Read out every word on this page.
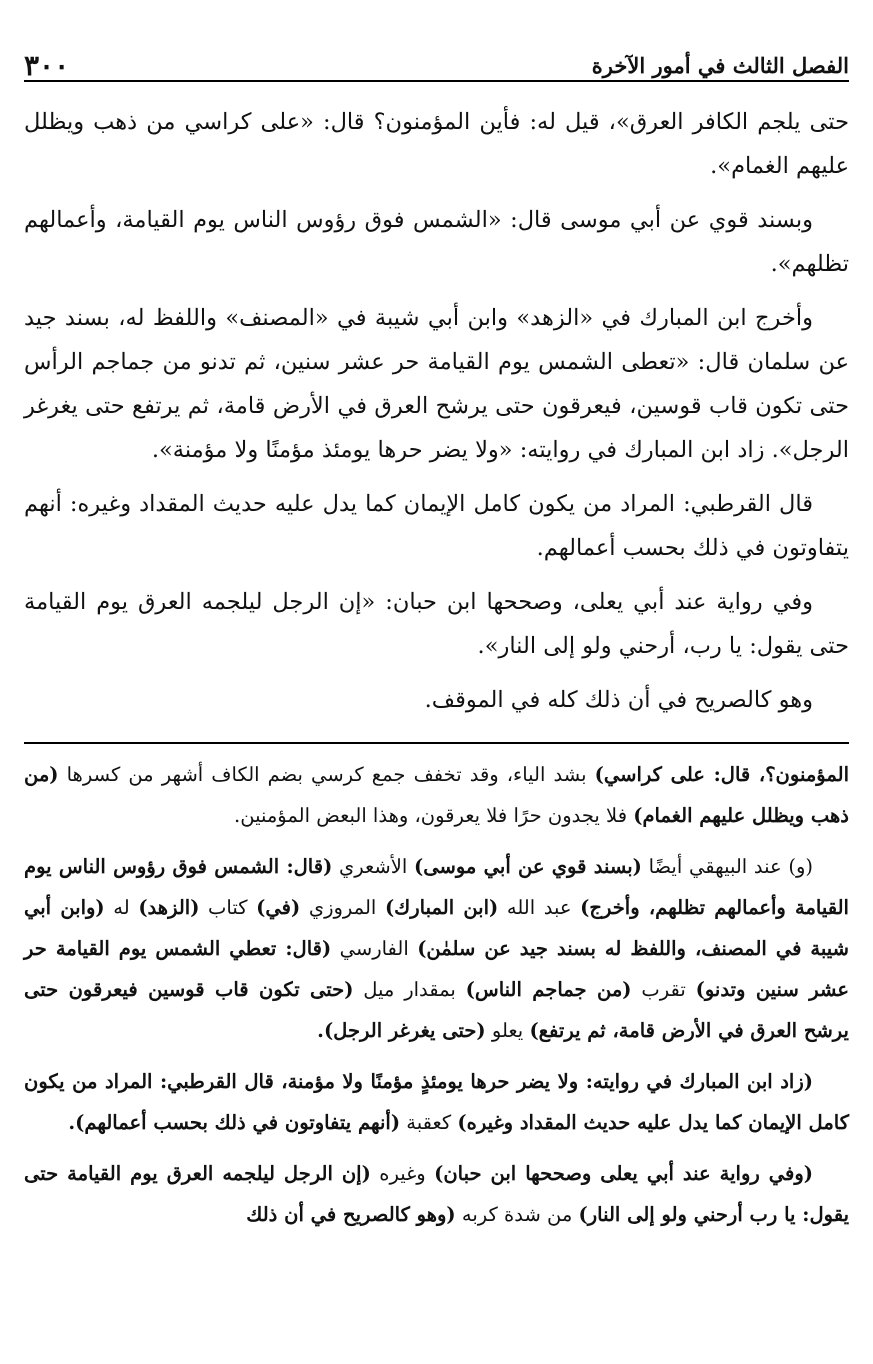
الفصل الثالث في أمور الآخرة
٣٠٠

حتى يلجم الكافر العرق»، قيل له: فأين المؤمنون؟ قال: «على كراسي من ذهب ويظلل عليهم الغمام».

وبسند قوي عن أبي موسى قال: «الشمس فوق رؤوس الناس يوم القيامة، وأعمالهم تظلهم».

وأخرج ابن المبارك في «الزهد» وابن أبي شيبة في «المصنف» واللفظ له، بسند جيد عن سلمان قال: «تعطى الشمس يوم القيامة حر عشر سنين، ثم تدنو من جماجم الرأس حتى تكون قاب قوسين، فيعرقون حتى يرشح العرق في الأرض قامة، ثم يرتفع حتى يغرغر الرجل». زاد ابن المبارك في روايته: «ولا يضر حرها يومئذ مؤمنًا ولا مؤمنة».

قال القرطبي: المراد من يكون كامل الإيمان كما يدل عليه حديث المقداد وغيره: أنهم يتفاوتون في ذلك بحسب أعمالهم.

وفي رواية عند أبي يعلى، وصححها ابن حبان: «إن الرجل ليلجمه العرق يوم القيامة حتى يقول: يا رب، أرحني ولو إلى النار».

وهو كالصريح في أن ذلك كله في الموقف.

المؤمنون؟، قال: على كراسي) بشد الياء، وقد تخفف جمع كرسي بضم الكاف أشهر من كسرها (من ذهب ويظلل عليهم الغمام) فلا يجدون حرًا فلا يعرقون، وهذا البعض المؤمنين.

(و) عند البيهقي أيضًا (بسند قوي عن أبي موسى) الأشعري (قال: الشمس فوق رؤوس الناس يوم القيامة وأعمالهم تظلهم، وأخرج) عبد الله (ابن المبارك) المروزي (في) كتاب (الزهد) له (وابن أبي شيبة في المصنف، واللفظ له بسند جيد عن سلمٰن) الفارسي (قال: تعطي الشمس يوم القيامة حر عشر سنين وتدنو) تقرب (من جماجم الناس) بمقدار ميل (حتى تكون قاب قوسين فيعرقون حتى يرشح العرق في الأرض قامة، ثم يرتفع) يعلو (حتى يغرغر الرجل).

(زاد ابن المبارك في روايته: ولا يضر حرها يومئذٍ مؤمنًا ولا مؤمنة، قال القرطبي: المراد من يكون كامل الإيمان كما يدل عليه حديث المقداد وغيره) كعقبة (أنهم يتفاوتون في ذلك بحسب أعمالهم).

(وفي رواية عند أبي يعلى وصححها ابن حبان) وغيره (إن الرجل ليلجمه العرق يوم القيامة حتى يقول: يا رب أرحني ولو إلى النار) من شدة كربه (وهو كالصريح في أن ذلك
